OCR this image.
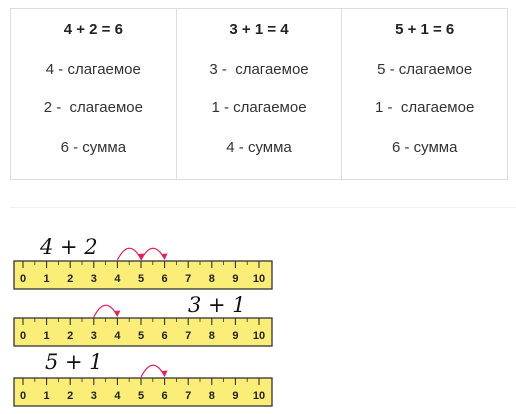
4 + 2 = 6
4 - слагаемое
2 -  слагаемое
6 - сумма
3 + 1 = 4
3 -  слагаемое
1 - слагаемое
4 - сумма
5 + 1 = 6
5 - слагаемое
1 -  слагаемое
6 - сумма
0 1 2 3 4 5 6 7 8 9 10
4 + 2
0 1 2 3 4 5 6 7 8 9 10
3 + 1
0 1 2 3 4 5 6 7 8 9 10
5 + 1
